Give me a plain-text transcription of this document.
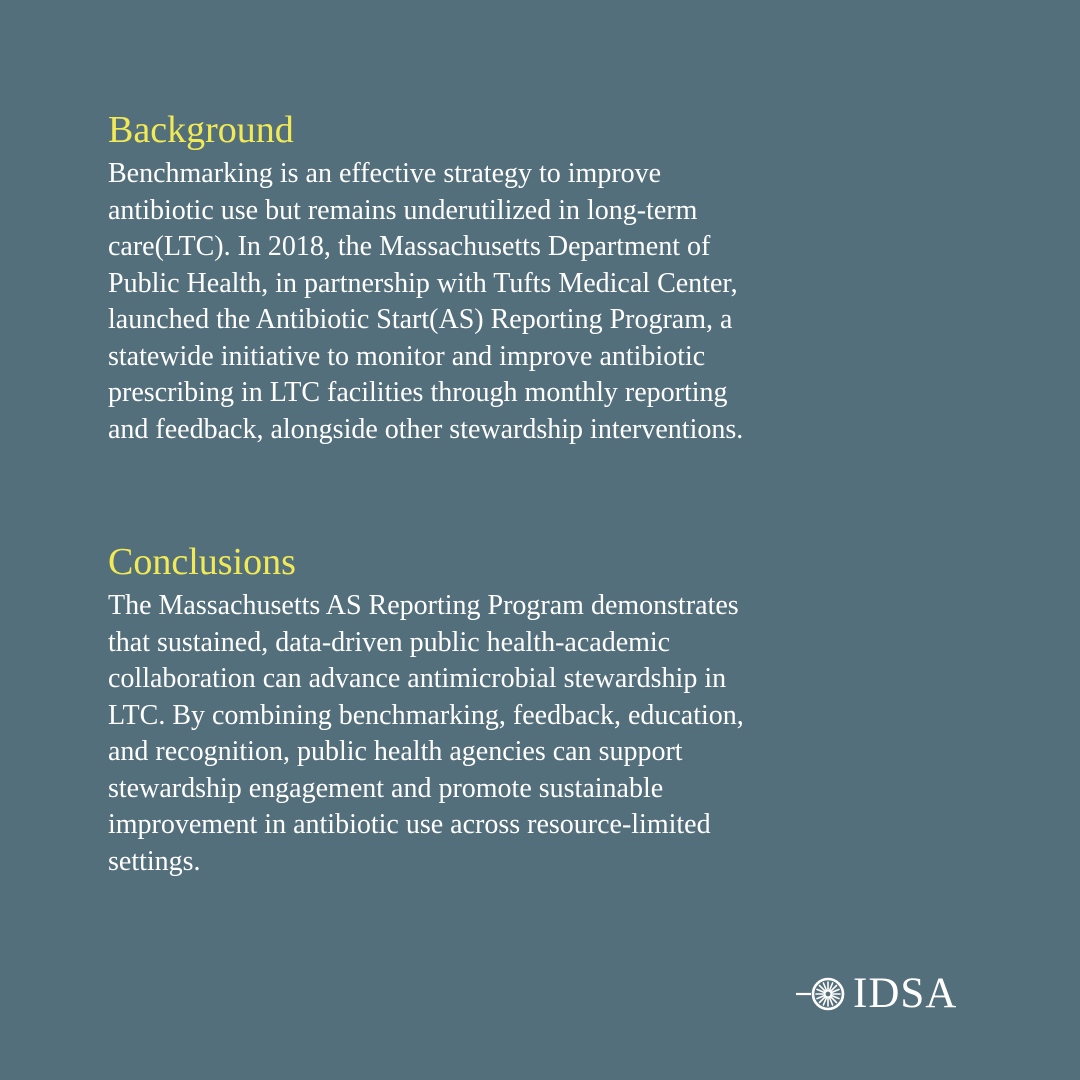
Background

Benchmarking is an effective strategy to improve
antibiotic use but remains underutilized in long-term
care(LTC). In 2018, the Massachusetts Department of
Public Health, in partnership with Tufts Medical Center,
launched the Antibiotic Start(AS) Reporting Program, a
statewide initiative to monitor and improve antibiotic
prescribing in LTC facilities through monthly reporting
and feedback, alongside other stewardship interventions.

Conclusions

The Massachusetts AS Reporting Program demonstrates
that sustained, data-driven public health-academic
collaboration can advance antimicrobial stewardship in
LTC. By combining benchmarking, feedback, education,
and recognition, public health agencies can support
stewardship engagement and promote sustainable
improvement in antibiotic use across resource-limited
settings.

IDSA
